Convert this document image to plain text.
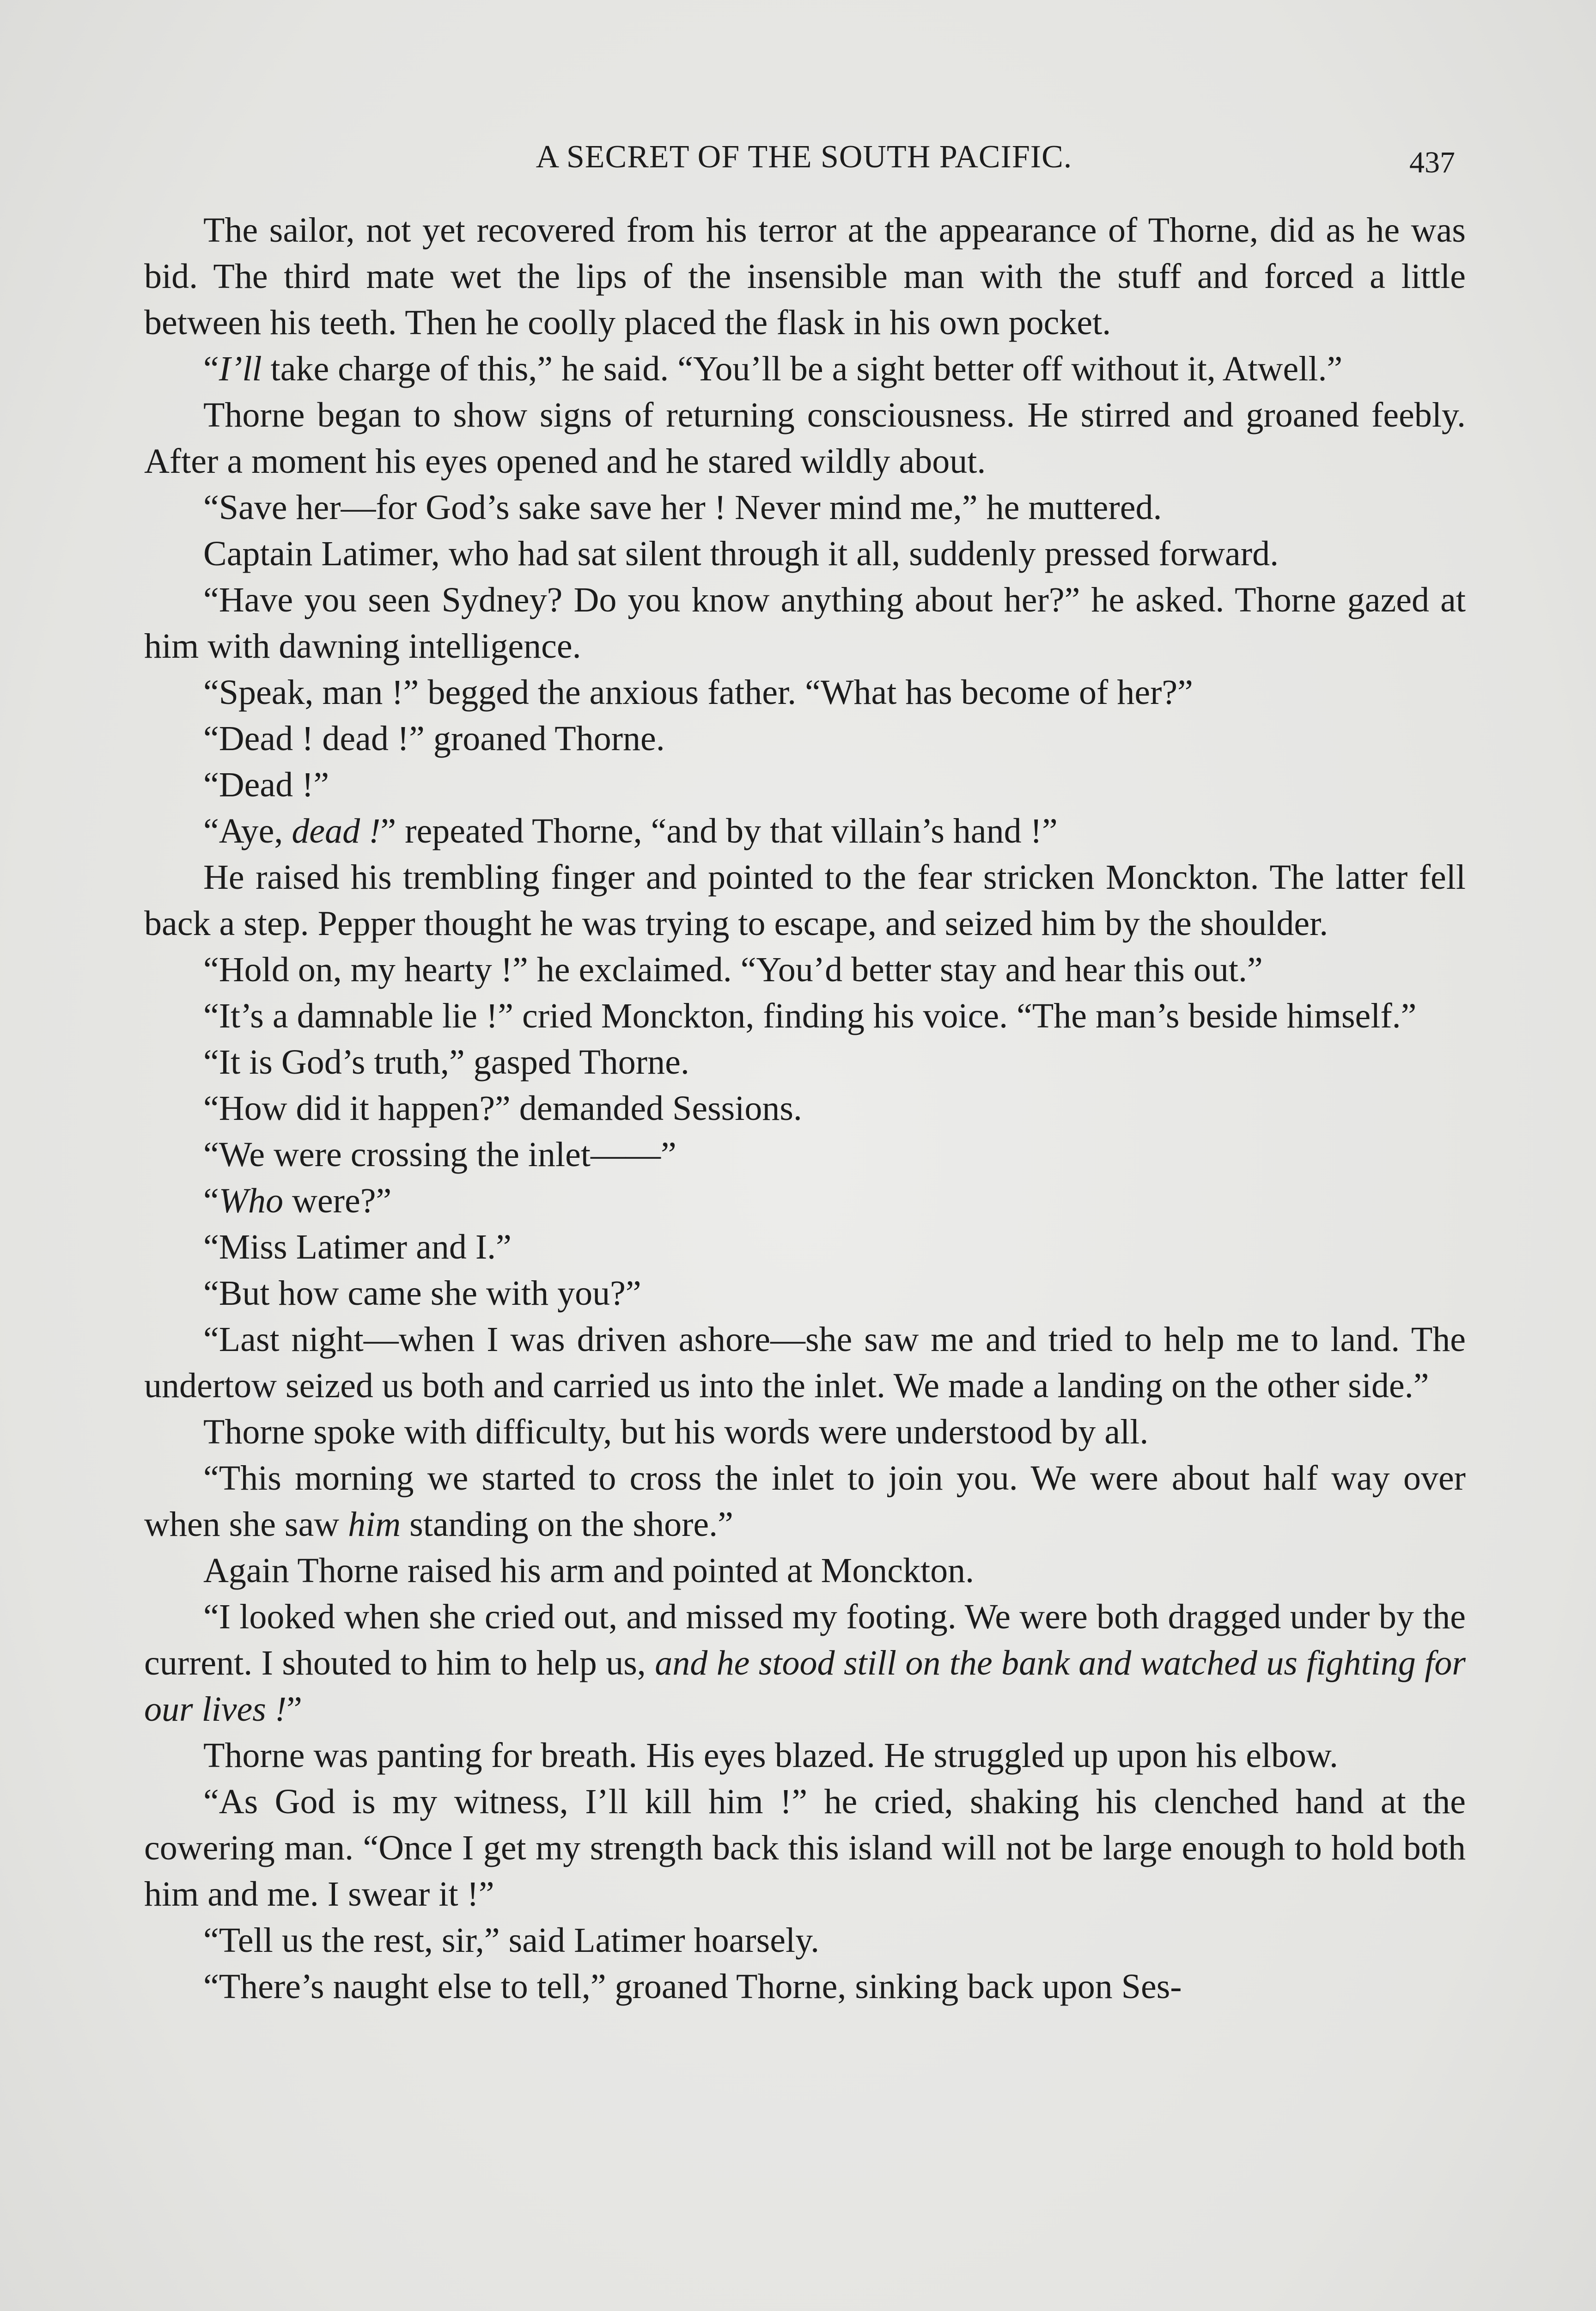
A SECRET OF THE SOUTH PACIFIC.	437

The sailor, not yet recovered from his terror at the appearance of Thorne, did as he was bid. The third mate wet the lips of the insensible man with the stuff and forced a little between his teeth. Then he coolly placed the flask in his own pocket.

“I’ll take charge of this,” he said. “You’ll be a sight better off without it, Atwell.”

Thorne began to show signs of returning consciousness. He stirred and groaned feebly. After a moment his eyes opened and he stared wildly about.

“Save her—for God’s sake save her ! Never mind me,” he muttered.

Captain Latimer, who had sat silent through it all, suddenly pressed forward.

“Have you seen Sydney? Do you know anything about her?” he asked. Thorne gazed at him with dawning intelligence.

“Speak, man !” begged the anxious father. “What has become of her?”

“Dead ! dead !” groaned Thorne.

“Dead !”

“Aye, dead !” repeated Thorne, “and by that villain’s hand !”

He raised his trembling finger and pointed to the fear stricken Monckton. The latter fell back a step. Pepper thought he was trying to escape, and seized him by the shoulder.

“Hold on, my hearty !” he exclaimed. “You’d better stay and hear this out.”

“It’s a damnable lie !” cried Monckton, finding his voice. “The man’s beside himself.”

“It is God’s truth,” gasped Thorne.

“How did it happen?” demanded Sessions.

“We were crossing the inlet——”

“Who were?”

“Miss Latimer and I.”

“But how came she with you?”

“Last night—when I was driven ashore—she saw me and tried to help me to land. The undertow seized us both and carried us into the inlet. We made a landing on the other side.”

Thorne spoke with difficulty, but his words were understood by all.

“This morning we started to cross the inlet to join you. We were about half way over when she saw him standing on the shore.”

Again Thorne raised his arm and pointed at Monckton.

“I looked when she cried out, and missed my footing. We were both dragged under by the current. I shouted to him to help us, and he stood still on the bank and watched us fighting for our lives !”

Thorne was panting for breath. His eyes blazed. He struggled up upon his elbow.

“As God is my witness, I’ll kill him !” he cried, shaking his clenched hand at the cowering man. “Once I get my strength back this island will not be large enough to hold both him and me. I swear it !”

“Tell us the rest, sir,” said Latimer hoarsely.

“There’s naught else to tell,” groaned Thorne, sinking back upon Ses-
